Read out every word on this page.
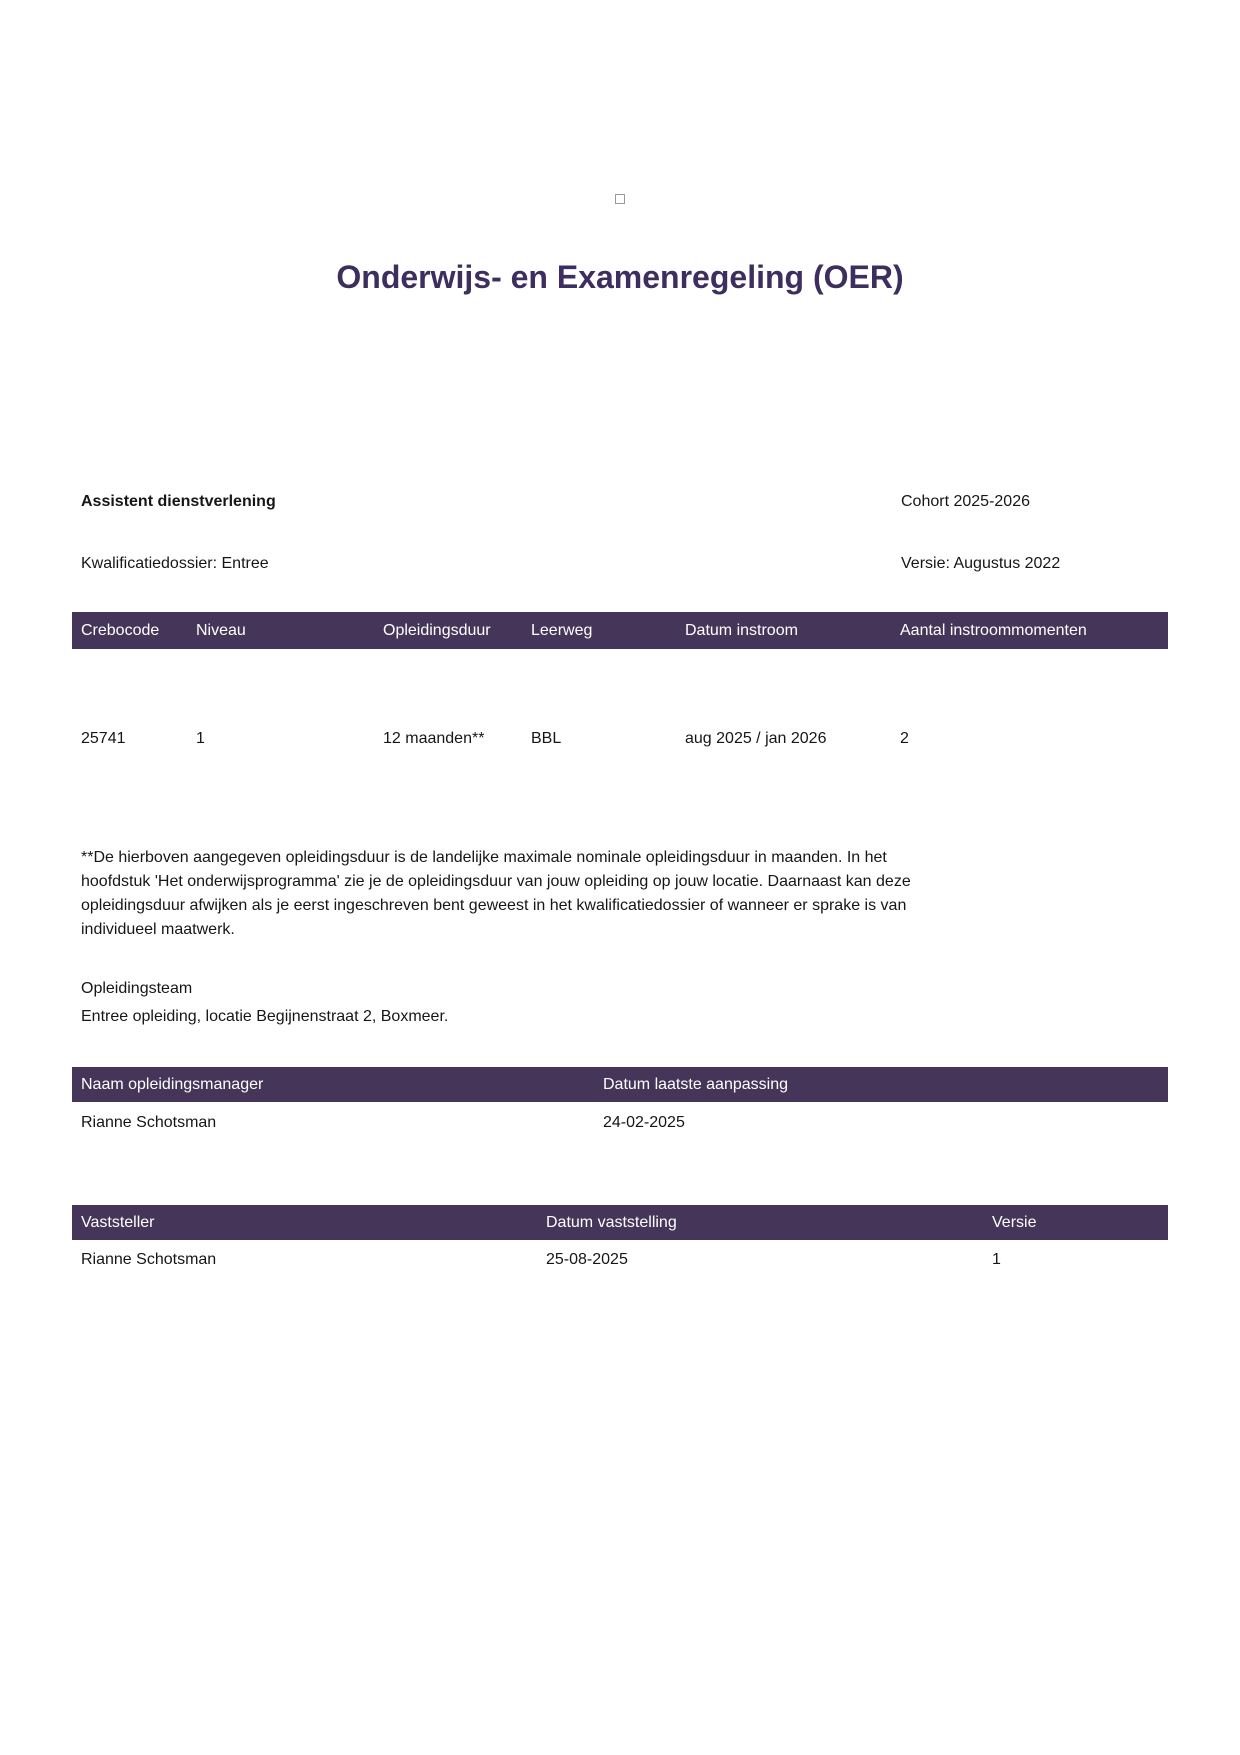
Onderwijs- en Examenregeling (OER)
Assistent dienstverlening	Cohort 2025-2026
Kwalificatiedossier: Entree	Versie: Augustus 2022
Crebocode	Niveau	Opleidingsduur	Leerweg	Datum instroom	Aantal instroommomenten
25741	1	12 maanden**	BBL	aug 2025 / jan 2026	2
**De hierboven aangegeven opleidingsduur is de landelijke maximale nominale opleidingsduur in maanden. In het
hoofdstuk 'Het onderwijsprogramma' zie je de opleidingsduur van jouw opleiding op jouw locatie. Daarnaast kan deze
opleidingsduur afwijken als je eerst ingeschreven bent geweest in het kwalificatiedossier of wanneer er sprake is van
individueel maatwerk.
Opleidingsteam
Entree opleiding, locatie Begijnenstraat 2, Boxmeer.
Naam opleidingsmanager	Datum laatste aanpassing
Rianne Schotsman	24-02-2025
Vaststeller	Datum vaststelling	Versie
Rianne Schotsman	25-08-2025	1
